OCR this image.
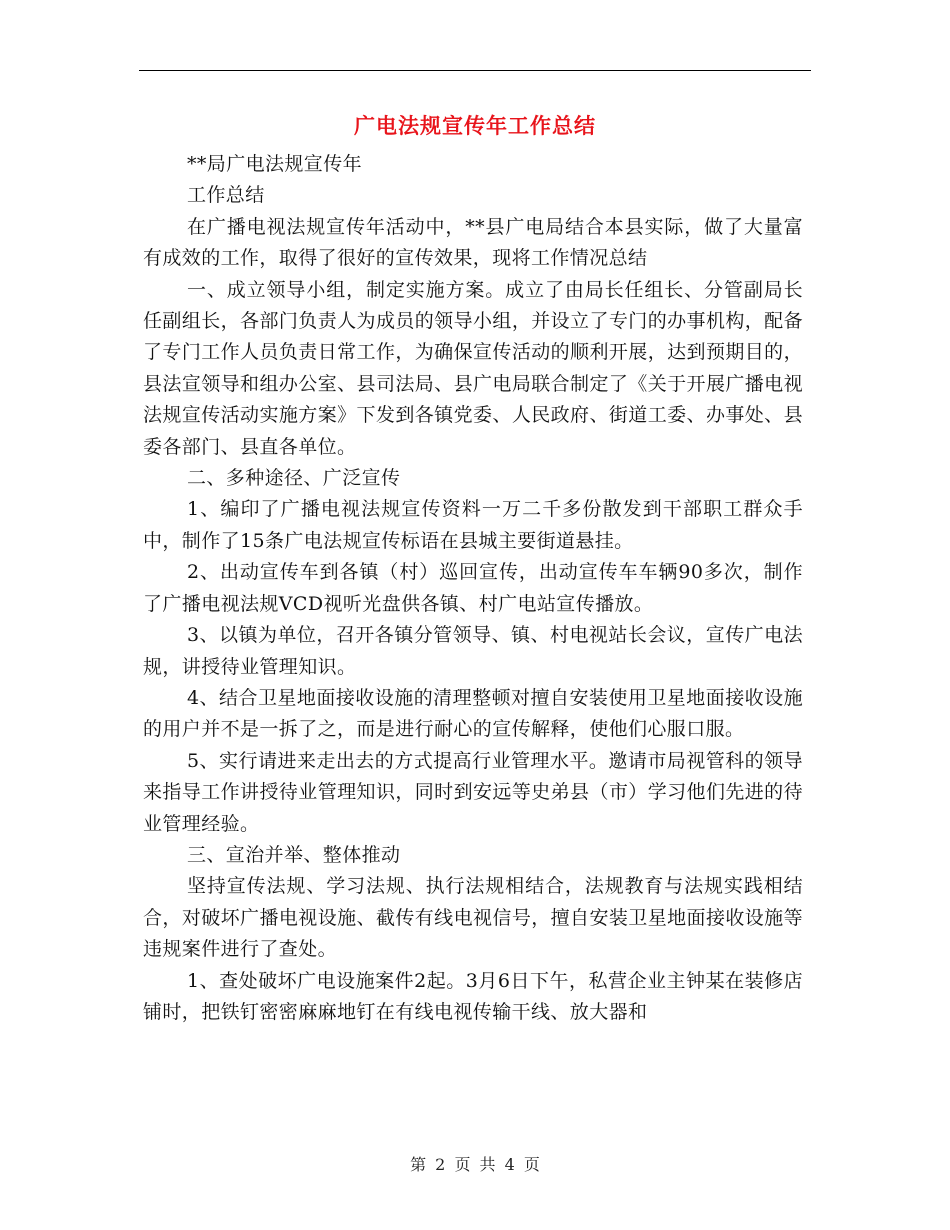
广电法规宣传年工作总结

**局广电法规宣传年

工作总结

在广播电视法规宣传年活动中，**县广电局结合本县实际，做了大量富有成效的工作，取得了很好的宣传效果，现将工作情况总结

一、成立领导小组，制定实施方案。成立了由局长任组长、分管副局长任副组长，各部门负责人为成员的领导小组，并设立了专门的办事机构，配备了专门工作人员负责日常工作，为确保宣传活动的顺利开展，达到预期目的，县法宣领导和组办公室、县司法局、县广电局联合制定了《关于开展广播电视法规宣传活动实施方案》下发到各镇党委、人民政府、街道工委、办事处、县委各部门、县直各单位。

二、多种途径、广泛宣传

1、编印了广播电视法规宣传资料一万二千多份散发到干部职工群众手中，制作了15条广电法规宣传标语在县城主要街道悬挂。

2、出动宣传车到各镇（村）巡回宣传，出动宣传车车辆90多次，制作了广播电视法规VCD视听光盘供各镇、村广电站宣传播放。

3、以镇为单位，召开各镇分管领导、镇、村电视站长会议，宣传广电法规，讲授待业管理知识。

4、结合卫星地面接收设施的清理整顿对擅自安装使用卫星地面接收设施的用户并不是一拆了之，而是进行耐心的宣传解释，使他们心服口服。

5、实行请进来走出去的方式提高行业管理水平。邀请市局视管科的领导来指导工作讲授待业管理知识，同时到安远等史弟县（市）学习他们先进的待业管理经验。

三、宣治并举、整体推动

坚持宣传法规、学习法规、执行法规相结合，法规教育与法规实践相结合，对破坏广播电视设施、截传有线电视信号，擅自安装卫星地面接收设施等违规案件进行了查处。

1、查处破坏广电设施案件2起。3月6日下午，私营企业主钟某在装修店铺时，把铁钉密密麻麻地钉在有线电视传输干线、放大器和

第 2 页 共 4 页
